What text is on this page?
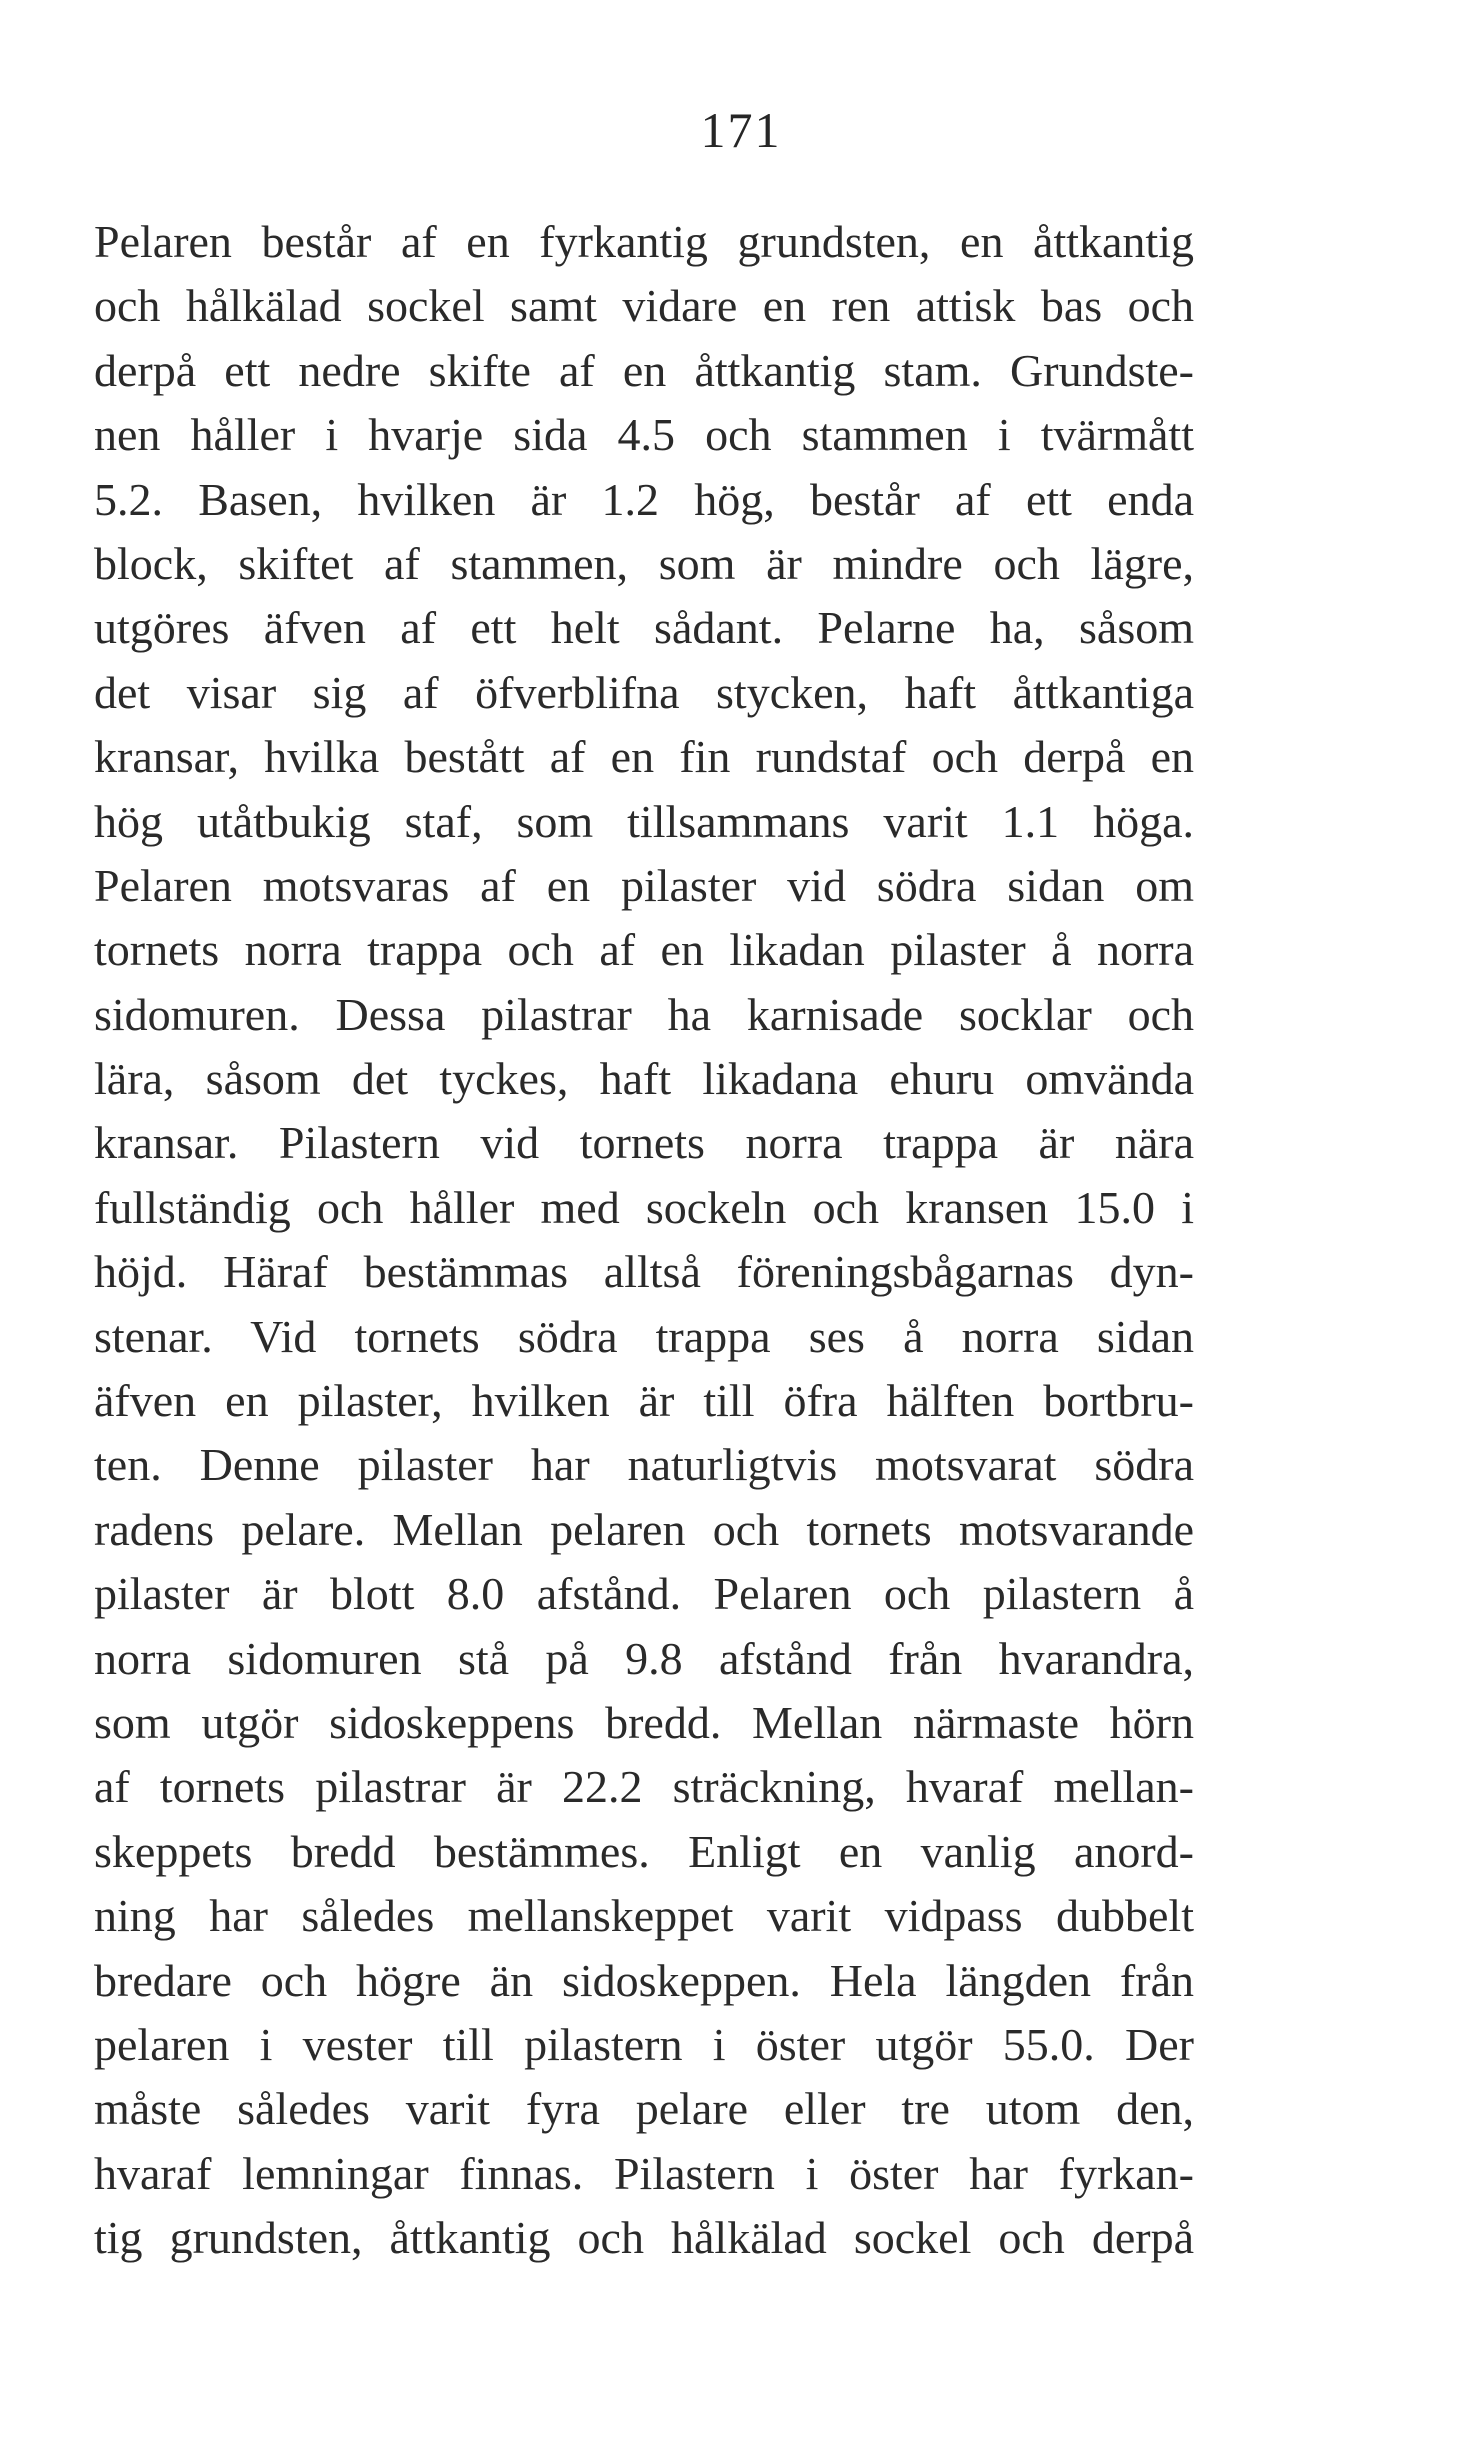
171
Pelaren består af en fyrkantig grundsten, en åttkantig
och hålkälad sockel samt vidare en ren attisk bas och
derpå ett nedre skifte af en åttkantig stam. Grundste-
nen håller i hvarje sida 4.5 och stammen i tvärmått
5.2. Basen, hvilken är 1.2 hög, består af ett enda
block, skiftet af stammen, som är mindre och lägre,
utgöres äfven af ett helt sådant. Pelarne ha, såsom
det visar sig af öfverblifna stycken, haft åttkantiga
kransar, hvilka bestått af en fin rundstaf och derpå en
hög utåtbukig staf, som tillsammans varit 1.1 höga.
Pelaren motsvaras af en pilaster vid södra sidan om
tornets norra trappa och af en likadan pilaster å norra
sidomuren. Dessa pilastrar ha karnisade socklar och
lära, såsom det tyckes, haft likadana ehuru omvända
kransar. Pilastern vid tornets norra trappa är nära
fullständig och håller med sockeln och kransen 15.0 i
höjd. Häraf bestämmas alltså föreningsbågarnas dyn-
stenar. Vid tornets södra trappa ses å norra sidan
äfven en pilaster, hvilken är till öfra hälften bortbru-
ten. Denne pilaster har naturligtvis motsvarat södra
radens pelare. Mellan pelaren och tornets motsvarande
pilaster är blott 8.0 afstånd. Pelaren och pilastern å
norra sidomuren stå på 9.8 afstånd från hvarandra,
som utgör sidoskeppens bredd. Mellan närmaste hörn
af tornets pilastrar är 22.2 sträckning, hvaraf mellan-
skeppets bredd bestämmes. Enligt en vanlig anord-
ning har således mellanskeppet varit vidpass dubbelt
bredare och högre än sidoskeppen. Hela längden från
pelaren i vester till pilastern i öster utgör 55.0. Der
måste således varit fyra pelare eller tre utom den,
hvaraf lemningar finnas. Pilastern i öster har fyrkan-
tig grundsten, åttkantig och hålkälad sockel och derpå
